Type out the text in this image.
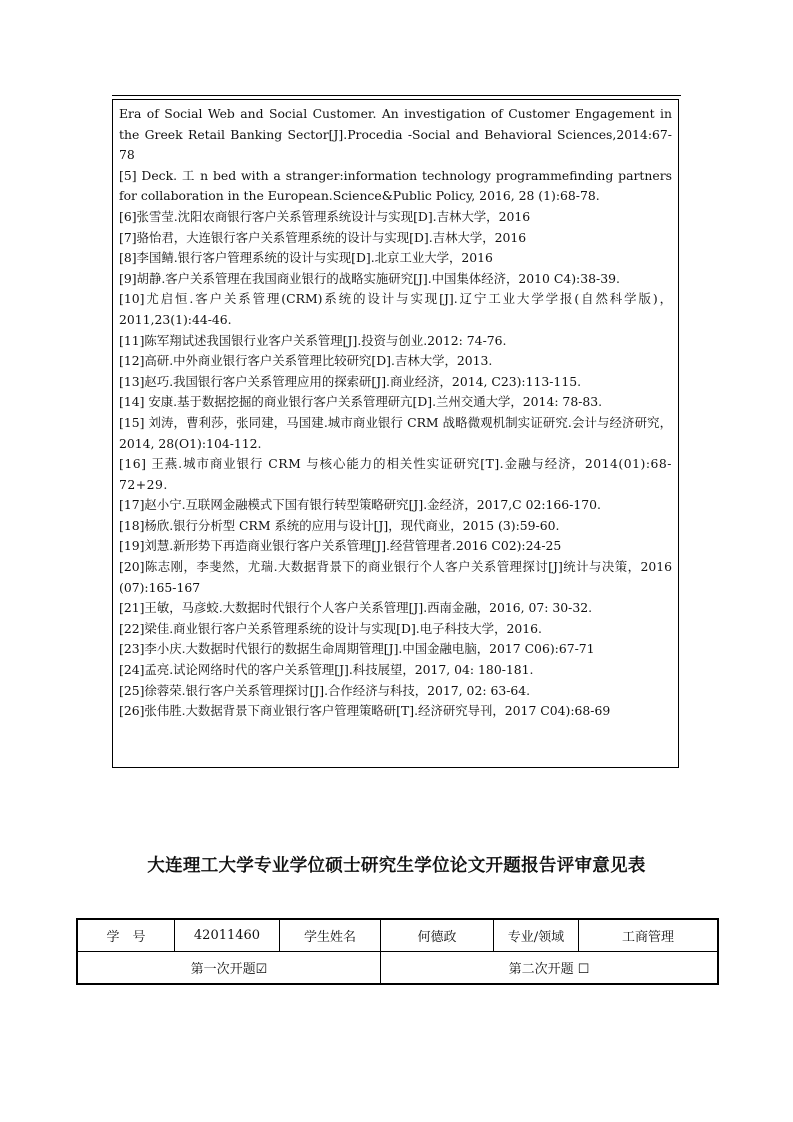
Era of Social Web and Social Customer. An investigation of Customer Engagement in the Greek Retail Banking Sector[J].Procedia -Social and Behavioral Sciences,2014:67-78

[5] Deck. 工 n bed with a stranger:information technology programmefinding partners for collaboration in the European.Science&Public Policy, 2016, 28 (1):68-78.

[6]张雪莹.沈阳农商银行客户关系管理系统设计与实现[D].吉林大学，2016

[7]骆怡君，大连银行客户关系管理系统的设计与实现[D].吉林大学，2016

[8]李国鲭.银行客户管理系统的设计与实现[D].北京工业大学，2016

[9]胡静.客户关系管理在我国商业银行的战略实施研究[J].中国集体经济，2010 C4):38-39.

[10]尤启恒.客户关系管理(CRM)系统的设计与实现[J].辽宁工业大学学报(自然科学版)，2011,23(1):44-46.

[11]陈军翔试述我国银行业客户关系管理[J].投资与创业.2012: 74-76.

[12]高研.中外商业银行客户关系管理比较研究[D].吉林大学，2013.

[13]赵巧.我国银行客户关系管理应用的探索研[J].商业经济，2014, C23):113-115.

[14] 安康.基于数据挖掘的商业银行客户关系管理研亢[D].兰州交通大学，2014: 78-83.

[15] 刘涛，曹利莎，张同建，马国建.城市商业银行 CRM 战略微观机制实证研究.会计与经济研究，2014, 28(O1):104-112.

[16] 王燕.城市商业银行 CRM 与核心能力的相关性实证研究[T].金融与经济，2014(01):68-72+29.

[17]赵小宁.互联网金融模式下国有银行转型策略研究[J].金经济，2017,C 02:166-170.

[18]杨欣.银行分析型 CRM 系统的应用与设计[J]，现代商业，2015 (3):59-60.

[19]刘慧.新形势下再造商业银行客户关系管理[J].经营管理者.2016 C02):24-25

[20]陈志刚，李斐然，尤瑞.大数据背景下的商业银行个人客户关系管理探讨[J]统计与决策，2016 (07):165-167

[21]王敏，马彦蛟.大数据时代银行个人客户关系管理[J].西南金融，2016, 07: 30-32.

[22]梁佳.商业银行客户关系管理系统的设计与实现[D].电子科技大学，2016.

[23]李小庆.大数据时代银行的数据生命周期管理[J].中国金融电脑，2017 C06):67-71

[24]孟亮.试论网络时代的客户关系管理[J].科技展望，2017, 04: 180-181.

[25]徐蓉荣.银行客户关系管理探讨[J].合作经济与科技，2017, 02: 63-64.

[26]张伟胜.大数据背景下商业银行客户管理策略研[T].经济研究导刊，2017 C04):68-69

大连理工大学专业学位硕士研究生学位论文开题报告评审意见表
学　号	42011460	学生姓名	何德政	专业/领域	工商管理
第一次开题☑			第二次开题 ☐		
